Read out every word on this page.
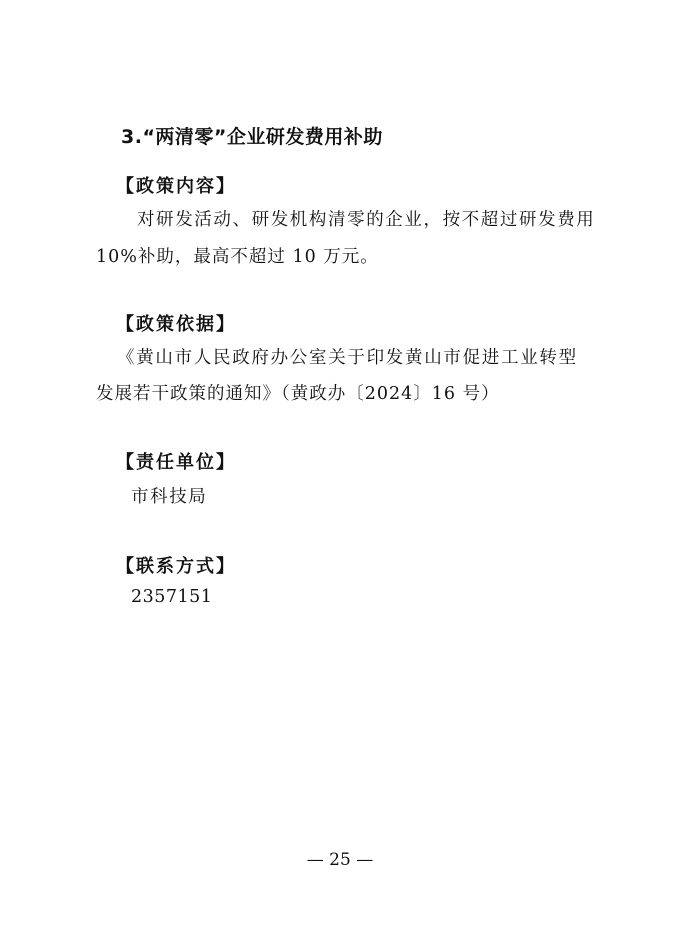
3.“两清零”企业研发费用补助
【政策内容】
对研发活动、研发机构清零的企业，按不超过研发费用
10%补助，最高不超过 10 万元。
【政策依据】
《黄山市人民政府办公室关于印发黄山市促进工业转型
发展若干政策的通知》（黄政办〔2024〕16 号）
【责任单位】
市科技局
【联系方式】
2357151
— 25 —
